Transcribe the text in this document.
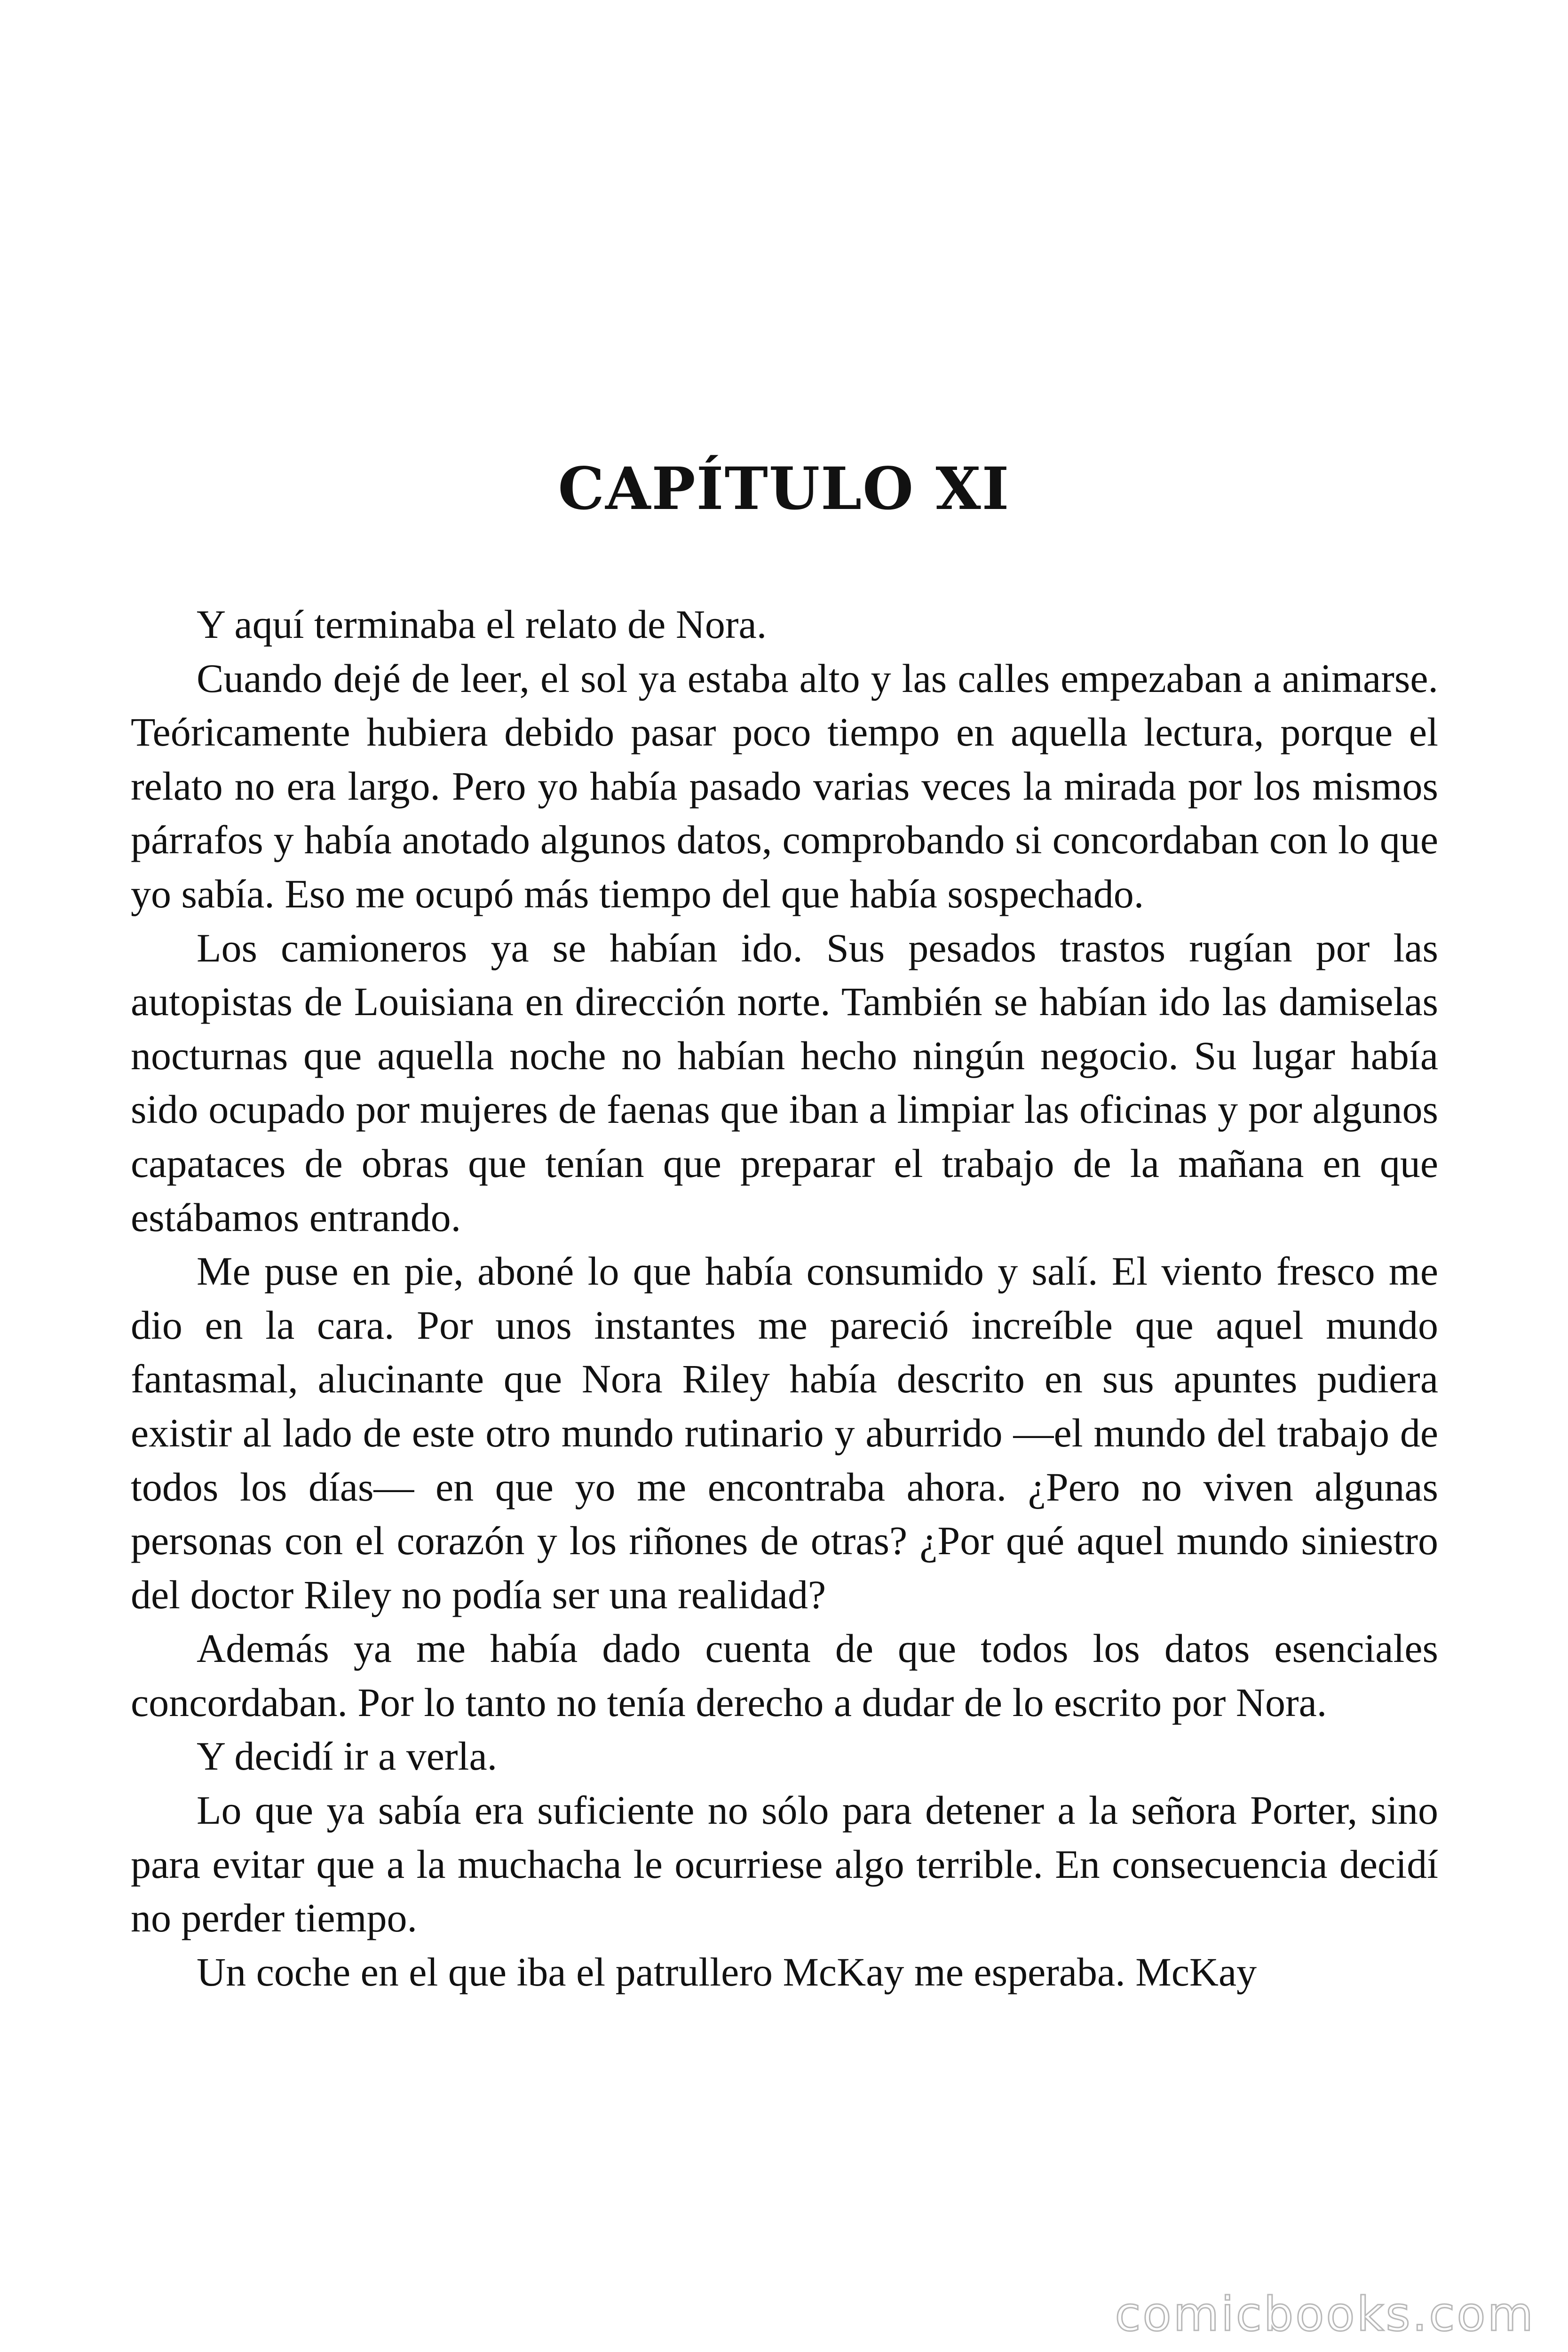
CAPÍTULO XI

Y aquí terminaba el relato de Nora.

Cuando dejé de leer, el sol ya estaba alto y las calles empezaban a animarse. Teóricamente hubiera debido pasar poco tiempo en aquella lectura, porque el relato no era largo. Pero yo había pasado varias veces la mirada por los mismos párrafos y había anotado algunos datos, comprobando si concordaban con lo que yo sabía. Eso me ocupó más tiempo del que había sospechado.

Los camioneros ya se habían ido. Sus pesados trastos rugían por las autopistas de Louisiana en dirección norte. También se habían ido las damiselas nocturnas que aquella noche no habían hecho ningún negocio. Su lugar había sido ocupado por mujeres de faenas que iban a limpiar las oficinas y por algunos capataces de obras que tenían que preparar el trabajo de la mañana en que estábamos entrando.

Me puse en pie, aboné lo que había consumido y salí. El viento fresco me dio en la cara. Por unos instantes me pareció increíble que aquel mundo fantasmal, alucinante que Nora Riley había descrito en sus apuntes pudiera existir al lado de este otro mundo rutinario y aburrido —el mundo del trabajo de todos los días— en que yo me encontraba ahora. ¿Pero no viven algunas personas con el corazón y los riñones de otras? ¿Por qué aquel mundo siniestro del doctor Riley no podía ser una realidad?

Además ya me había dado cuenta de que todos los datos esenciales concordaban. Por lo tanto no tenía derecho a dudar de lo escrito por Nora.

Y decidí ir a verla.

Lo que ya sabía era suficiente no sólo para detener a la señora Porter, sino para evitar que a la muchacha le ocurriese algo terrible. En consecuencia decidí no perder tiempo.

Un coche en el que iba el patrullero McKay me esperaba. McKay

comicbooks.com
